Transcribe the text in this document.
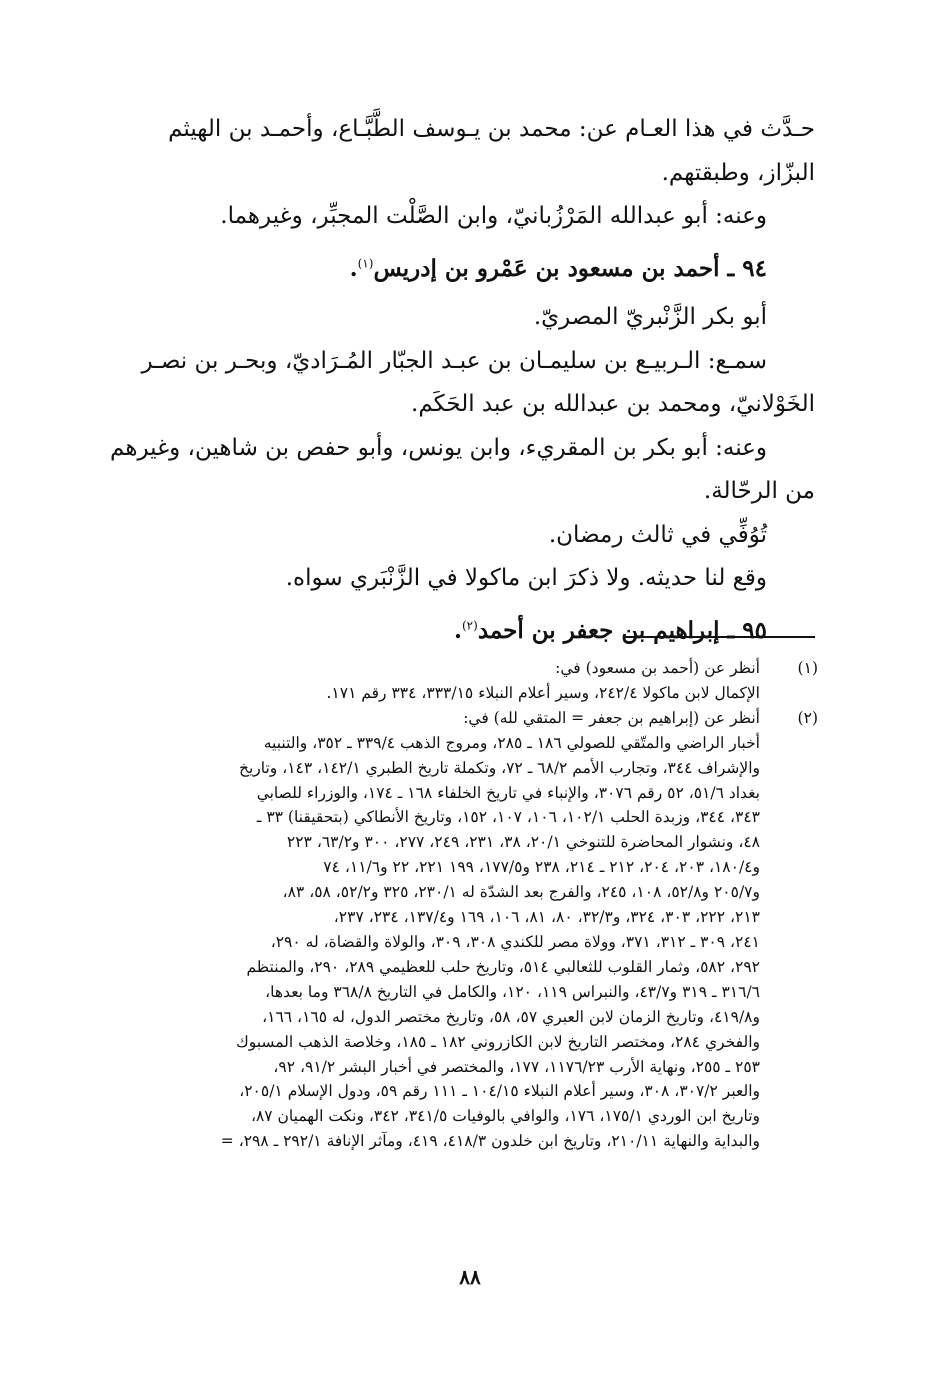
حـدَّث في هذا العـام عن: محمد بن يـوسف الطَّبَّـاع، وأحمـد بن الهيثم
البزّاز، وطبقتهم.

وعنه: أبو عبدالله المَرْزُبانيّ، وابن الصَّلْت المجبِّر، وغيرهما.

٩٤ ـ أحمد بن مسعود بن عَمْرو بن إدريس$^{(١)}$.

أبو بكر الزَّنْبريّ المصريّ.

سمـع: الـربيـع بن سليمـان بن عبـد الجبّار المُـرَاديّ، وبحـر بن نصـر

الخَوْلانيّ، ومحمد بن عبدالله بن عبد الحَكَم.

وعنه: أبو بكر بن المقريء، وابن يونس، وأبو حفص بن شاهين، وغيرهم

من الرحّالة.

تُوُفِّي في ثالث رمضان.

وقع لنا حديثه. ولا ذكرَ ابن ماكولا في الزَّنْبَري سواه.

٩٥ ـ إبراهيم بن جعفر بن أحمد$^{(٢)}$.

(١)
أنظر عن (أحمد بن مسعود) في:
الإكمال لابن ماكولا ٢٤٢/٤، وسير أعلام النبلاء ٣٣٣/١٥، ٣٣٤ رقم ١٧١.
(٢)
أنظر عن (إبراهيم بن جعفر = المتقي لله) في:
أخبار الراضي والمتّقي للصولي ١٨٦ ـ ٢٨٥، ومروج الذهب ٣٣٩/٤ ـ ٣٥٢، والتنبيه
والإشراف ٣٤٤، وتجارب الأمم ٦٨/٢ ـ ٧٢، وتكملة تاريخ الطبري ١٤٢/١، ١٤٣، وتاريخ
بغداد ٥١/٦، ٥٢ رقم ٣٠٧٦، والإنباء في تاريخ الخلفاء ١٦٨ ـ ١٧٤، والوزراء للصابي
٣٤٣، ٣٤٤، وزبدة الحلب ١٠٢/١، ١٠٦، ١٠٧، ١٥٢، وتاريخ الأنطاكي (بتحقيقنا) ٣٣ ـ
٤٨، ونشوار المحاضرة للتنوخي ٢٠/١، ٣٨، ٢٣١، ٢٤٩، ٢٧٧، ٣٠٠ و٦٣/٢، ٢٢٣
و١٨٠/٤، ٢٠٣، ٢٠٤، ٢١٢ ـ ٢١٤، ٢٣٨ و١٧٧/٥، ١٩٩ ٢٢١، ٢٢ و١١/٦، ٧٤
و٢٠٥/٧ و٥٢/٨، ١٠٨، ٢٤٥، والفرج بعد الشدّة له ٢٣٠/١، ٣٢٥ و٥٢/٢، ٥٨، ٨٣،
٢١٣، ٢٢٢، ٣٠٣، ٣٢٤، و٣٢/٣، ٨٠، ٨١، ١٠٦، ١٦٩ و١٣٧/٤، ٢٣٤، ٢٣٧،
٢٤١، ٣٠٩ ـ ٣١٢، ٣٧١، وولاة مصر للكندي ٣٠٨، ٣٠٩، والولاة والقضاة، له ٢٩٠،
٢٩٢، ٥٨٢، وثمار القلوب للثعالبي ٥١٤، وتاريخ حلب للعظيمي ٢٨٩، ٢٩٠، والمنتظم
٣١٦/٦ ـ ٣١٩ و٤٣/٧، والنبراس ١١٩، ١٢٠، والكامل في التاريخ ٣٦٨/٨ وما بعدها،
و٤١٩/٨، وتاريخ الزمان لابن العبري ٥٧، ٥٨، وتاريخ مختصر الدول، له ١٦٥، ١٦٦،
والفخري ٢٨٤، ومختصر التاريخ لابن الكازروني ١٨٢ ـ ١٨٥، وخلاصة الذهب المسبوك
٢٥٣ ـ ٢٥٥، ونهاية الأرب ١١٧٦/٢٣، ١٧٧، والمختصر في أخبار البشر ٩١/٢، ٩٢،
والعبر ٣٠٧/٢، ٣٠٨، وسير أعلام النبلاء ١٠٤/١٥ ـ ١١١ رقم ٥٩، ودول الإسلام ٢٠٥/١،
وتاريخ ابن الوردي ١٧٥/١، ١٧٦، والوافي بالوفيات ٣٤١/٥، ٣٤٢، ونكت الهميان ٨٧،
والبداية والنهاية ٢١٠/١١، وتاريخ ابن خلدون ٤١٨/٣، ٤١٩، ومآثر الإنافة ٢٩٢/١ ـ ٢٩٨، =
٨٨
